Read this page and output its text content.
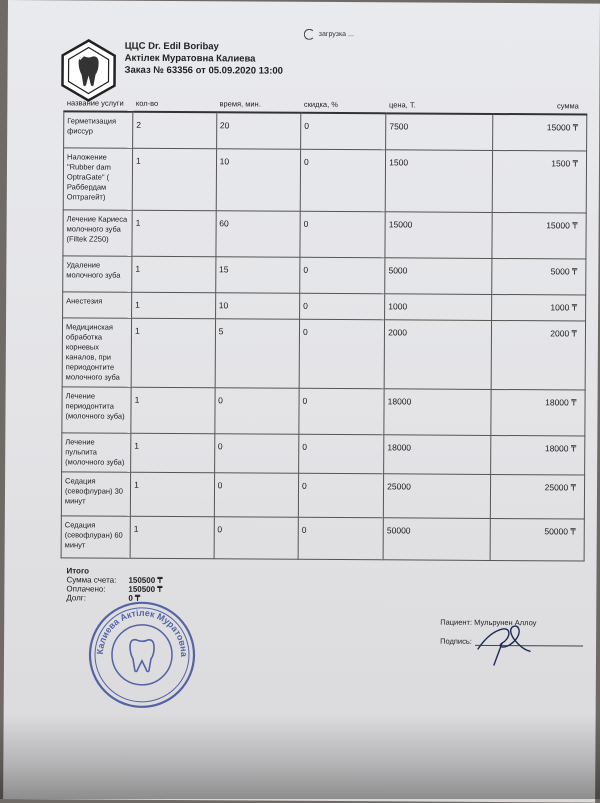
ЦЦС Dr. Edil Boribay
Актілек Муратовна Калиева
Заказ № 63356 от 05.09.2020 13:00
загрузка ...
название услуги	кол-во	время, мин.	скидка, %	цена, Т.	сумма
Герметизация фиссур	2	20	0	7500	15000 ₸
Наложение "Rubber dam OptraGate" ( Раббердам Оптрагейт)	1	10	0	1500	1500 ₸
Лечение Кариеса молочного зуба (Filtek Z250)	1	60	0	15000	15000 ₸
Удаление молочного зуба	1	15	0	5000	5000 ₸
Анестезия	1	10	0	1000	1000 ₸
Медицинская обработка корневых каналов, при периодонтите молочного зуба	1	5	0	2000	2000 ₸
Лечение периодонтита (молочного зуба)	1	0	0	18000	18000 ₸
Лечение пульпита (молочного зуба)	1	0	0	18000	18000 ₸
Седация (севофлуран) 30 минут	1	0	0	25000	25000 ₸
Седация (севофлуран) 60 минут	1	0	0	50000	50000 ₸
Итого
Сумма счета:	150500 ₸
Оплачено:	150500 ₸
Долг:	0 ₸
Калиева Актілек Муратовна
Пациент: Мульрунен Аллоу
Подпись:
